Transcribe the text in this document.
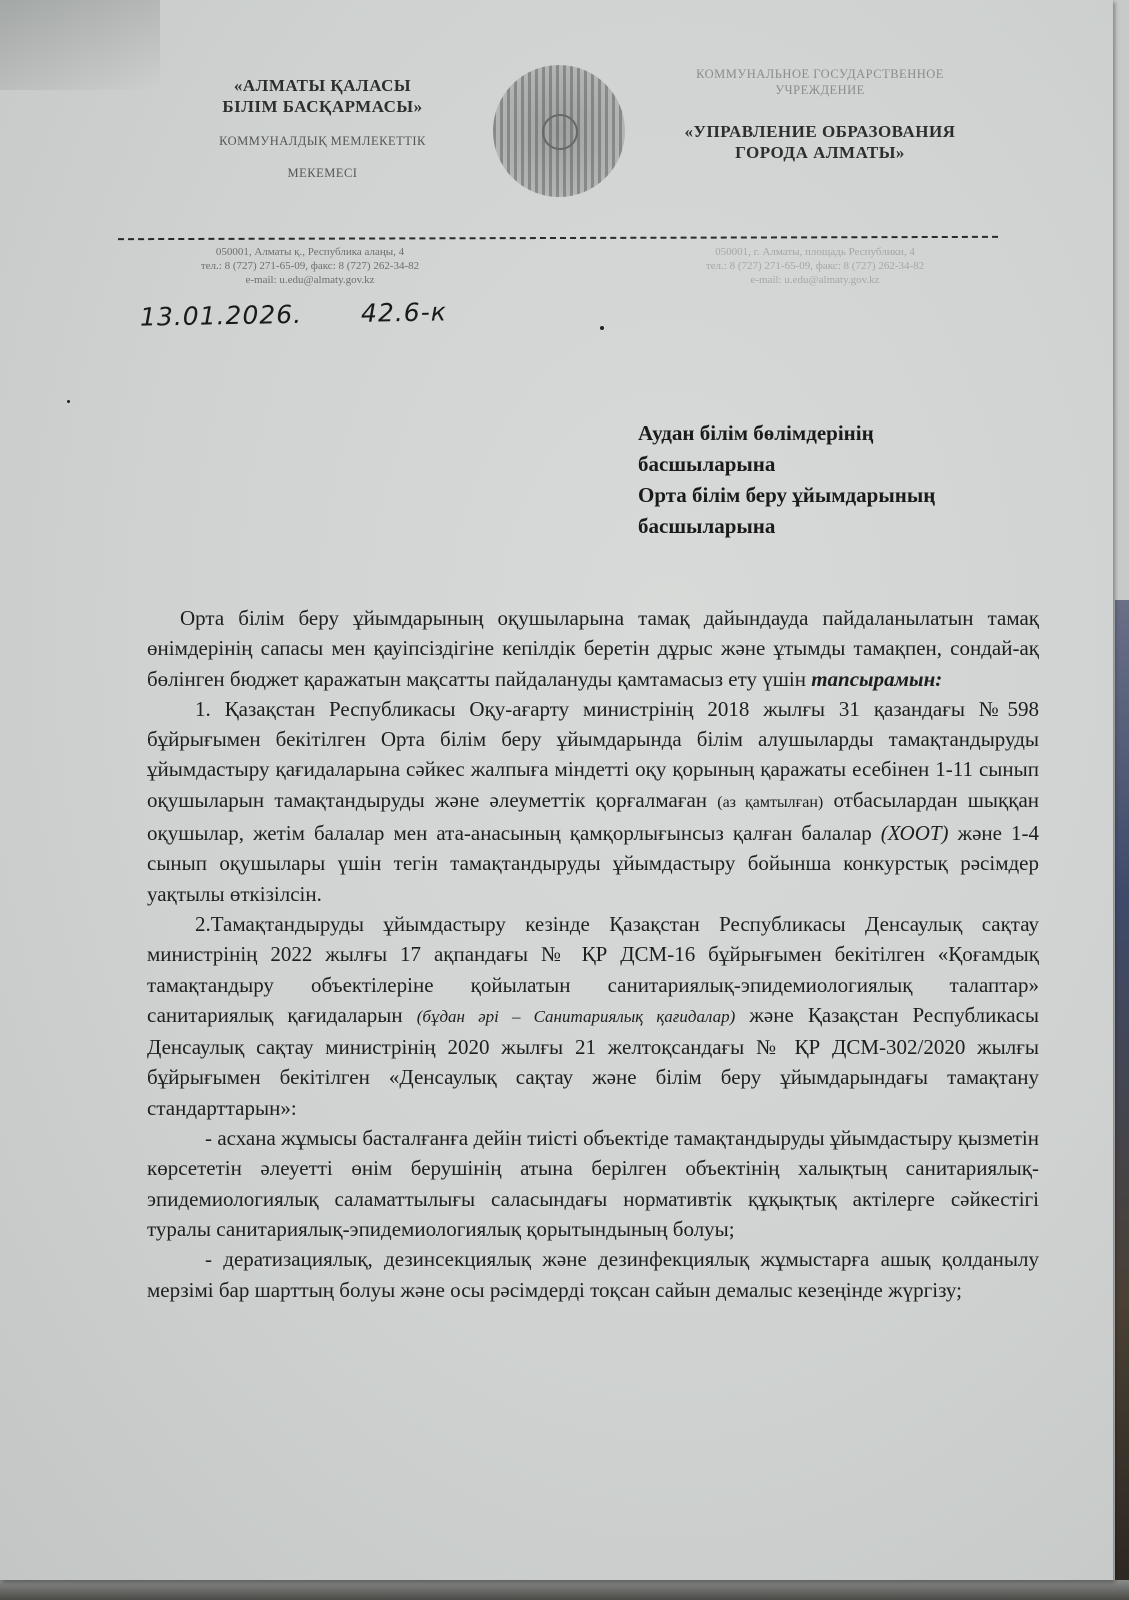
«АЛМАТЫ ҚАЛАСЫ
БІЛІМ БАСҚАРМАСЫ»
КОММУНАЛДЫҚ МЕМЛЕКЕТТІК
МЕКЕМЕСІ
КОММУНАЛЬНОЕ ГОСУДАРСТВЕННОЕ
УЧРЕЖДЕНИЕ
«УПРАВЛЕНИЕ ОБРАЗОВАНИЯ
ГОРОДА АЛМАТЫ»
050001, Алматы қ., Республика алаңы, 4
тел.: 8 (727) 271-65-09, факс: 8 (727) 262-34-82
e-mail: u.edu@almaty.gov.kz
050001, г. Алматы, площадь Республики, 4
тел.: 8 (727) 271-65-09, факс: 8 (727) 262-34-82
e-mail: u.edu@almaty.gov.kz
13.01.2026. 42.6-к
Аудан білім бөлімдерінің
басшыларына
Орта білім беру ұйымдарының
басшыларына

Орта білім беру ұйымдарының оқушыларына тамақ дайындауда пайдаланылатын тамақ өнімдерінің сапасы мен қауіпсіздігіне кепілдік беретін дұрыс және ұтымды тамақпен, сондай-ақ бөлінген бюджет қаражатын мақсатты пайдалануды қамтамасыз ету үшін тапсырамын:

1. Қазақстан Республикасы Оқу-ағарту министрінің 2018 жылғы 31 қазандағы №598 бұйрығымен бекітілген Орта білім беру ұйымдарында білім алушыларды тамақтандыруды ұйымдастыру қағидаларына сәйкес жалпыға міндетті оқу қорының қаражаты есебінен 1-11 сынып оқушыларын тамақтандыруды және әлеуметтік қорғалмаған (аз қамтылған) отбасылардан шыққан оқушылар, жетім балалар мен ата-анасының қамқорлығынсыз қалған балалар (ХООТ) және 1-4 сынып оқушылары үшін тегін тамақтандыруды ұйымдастыру бойынша конкурстық рәсімдер уақтылы өткізілсін.

2.Тамақтандыруды ұйымдастыру кезінде Қазақстан Республикасы Денсаулық сақтау министрінің 2022 жылғы 17 ақпандағы № ҚР ДСМ-16 бұйрығымен бекітілген «Қоғамдық тамақтандыру объектілеріне қойылатын санитариялық-эпидемиологиялық талаптар» санитариялық қағидаларын (бұдан әрі – Санитариялық қағидалар) және Қазақстан Республикасы Денсаулық сақтау министрінің 2020 жылғы 21 желтоқсандағы № ҚР ДСМ-302/2020 жылғы бұйрығымен бекітілген «Денсаулық сақтау және білім беру ұйымдарындағы тамақтану стандарттарын»:

- асхана жұмысы басталғанға дейін тиісті объектіде тамақтандыруды ұйымдастыру қызметін көрсететін әлеуетті өнім берушінің атына берілген объектінің халықтың санитариялық-эпидемиологиялық саламаттылығы саласындағы нормативтік құқықтық актілерге сәйкестігі туралы санитариялық-эпидемиологиялық қорытындының болуы;

- дератизациялық, дезинсекциялық және дезинфекциялық жұмыстарға ашық қолданылу мерзімі бар шарттың болуы және осы рәсімдерді тоқсан сайын демалыс кезеңінде жүргізу;
